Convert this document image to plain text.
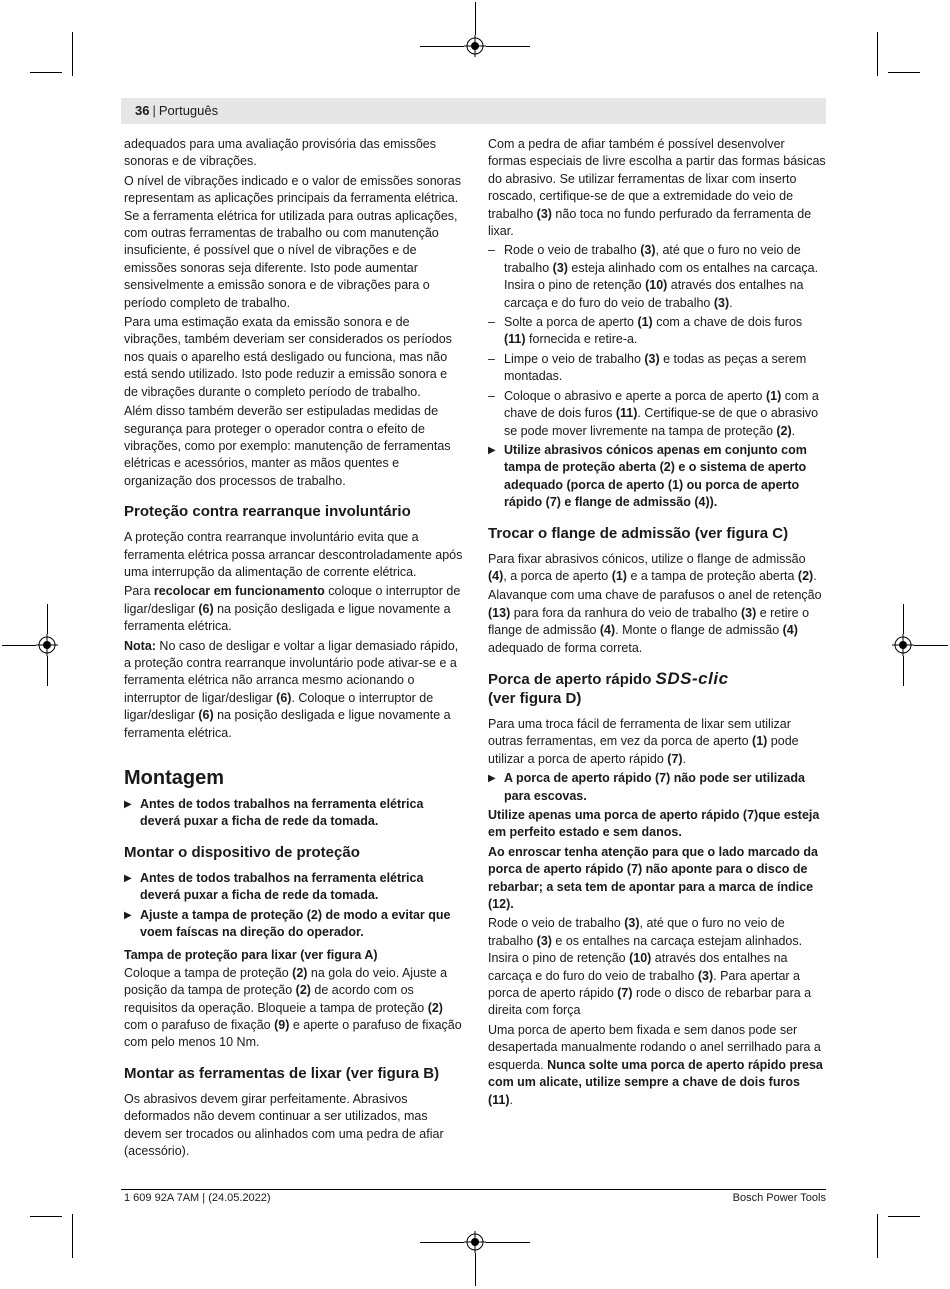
36 | Português

adequados para uma avaliação provisória das emissões sonoras e de vibrações.

O nível de vibrações indicado e o valor de emissões sonoras representam as aplicações principais da ferramenta elétrica. Se a ferramenta elétrica for utilizada para outras aplicações, com outras ferramentas de trabalho ou com manutenção insuficiente, é possível que o nível de vibrações e de emissões sonoras seja diferente. Isto pode aumentar sensivelmente a emissão sonora e de vibrações para o período completo de trabalho.

Para uma estimação exata da emissão sonora e de vibrações, também deveriam ser considerados os períodos nos quais o aparelho está desligado ou funciona, mas não está sendo utilizado. Isto pode reduzir a emissão sonora e de vibrações durante o completo período de trabalho.

Além disso também deverão ser estipuladas medidas de segurança para proteger o operador contra o efeito de vibrações, como por exemplo: manutenção de ferramentas elétricas e acessórios, manter as mãos quentes e organização dos processos de trabalho.

Proteção contra rearranque involuntário

A proteção contra rearranque involuntário evita que a ferramenta elétrica possa arrancar descontroladamente após uma interrupção da alimentação de corrente elétrica.

Para recolocar em funcionamento coloque o interruptor de ligar/desligar (6) na posição desligada e ligue novamente a ferramenta elétrica.

Nota: No caso de desligar e voltar a ligar demasiado rápido, a proteção contra rearranque involuntário pode ativar-se e a ferramenta elétrica não arranca mesmo acionando o interruptor de ligar/desligar (6). Coloque o interruptor de ligar/desligar (6) na posição desligada e ligue novamente a ferramenta elétrica.

Montagem
▶ Antes de todos trabalhos na ferramenta elétrica deverá puxar a ficha de rede da tomada.
Montar o dispositivo de proteção
▶ Antes de todos trabalhos na ferramenta elétrica deverá puxar a ficha de rede da tomada.
▶ Ajuste a tampa de proteção (2) de modo a evitar que voem faíscas na direção do operador.
Tampa de proteção para lixar (ver figura A)

Coloque a tampa de proteção (2) na gola do veio. Ajuste a posição da tampa de proteção (2) de acordo com os requisitos da operação. Bloqueie a tampa de proteção (2) com o parafuso de fixação (9) e aperte o parafuso de fixação com pelo menos 10 Nm.

Montar as ferramentas de lixar (ver figura B)

Os abrasivos devem girar perfeitamente. Abrasivos deformados não devem continuar a ser utilizados, mas devem ser trocados ou alinhados com uma pedra de afiar (acessório).

Com a pedra de afiar também é possível desenvolver formas especiais de livre escolha a partir das formas básicas do abrasivo. Se utilizar ferramentas de lixar com inserto roscado, certifique-se de que a extremidade do veio de trabalho (3) não toca no fundo perfurado da ferramenta de lixar.

– Rode o veio de trabalho (3), até que o furo no veio de trabalho (3) esteja alinhado com os entalhes na carcaça. Insira o pino de retenção (10) através dos entalhes na carcaça e do furo do veio de trabalho (3).
– Solte a porca de aperto (1) com a chave de dois furos (11) fornecida e retire-a.
– Limpe o veio de trabalho (3) e todas as peças a serem montadas.
– Coloque o abrasivo e aperte a porca de aperto (1) com a chave de dois furos (11). Certifique-se de que o abrasivo se pode mover livremente na tampa de proteção (2).
▶ Utilize abrasivos cónicos apenas em conjunto com tampa de proteção aberta (2) e o sistema de aperto adequado (porca de aperto (1) ou porca de aperto rápido (7) e flange de admissão (4)).
Trocar o flange de admissão (ver figura C)

Para fixar abrasivos cónicos, utilize o flange de admissão (4), a porca de aperto (1) e a tampa de proteção aberta (2).

Alavanque com uma chave de parafusos o anel de retenção (13) para fora da ranhura do veio de trabalho (3) e retire o flange de admissão (4). Monte o flange de admissão (4) adequado de forma correta.

Porca de aperto rápido SDS-clic
(ver figura D)

Para uma troca fácil de ferramenta de lixar sem utilizar outras ferramentas, em vez da porca de aperto (1) pode utilizar a porca de aperto rápido (7).

▶ A porca de aperto rápido (7) não pode ser utilizada para escovas.

Utilize apenas uma porca de aperto rápido (7)que esteja em perfeito estado e sem danos.

Ao enroscar tenha atenção para que o lado marcado da porca de aperto rápido (7) não aponte para o disco de rebarbar; a seta tem de apontar para a marca de índice (12).

Rode o veio de trabalho (3), até que o furo no veio de trabalho (3) e os entalhes na carcaça estejam alinhados. Insira o pino de retenção (10) através dos entalhes na carcaça e do furo do veio de trabalho (3). Para apertar a porca de aperto rápido (7) rode o disco de rebarbar para a direita com força

Uma porca de aperto bem fixada e sem danos pode ser desapertada manualmente rodando o anel serrilhado para a esquerda. Nunca solte uma porca de aperto rápido presa com um alicate, utilize sempre a chave de dois furos (11).

1 609 92A 7AM | (24.05.2022)	Bosch Power Tools
